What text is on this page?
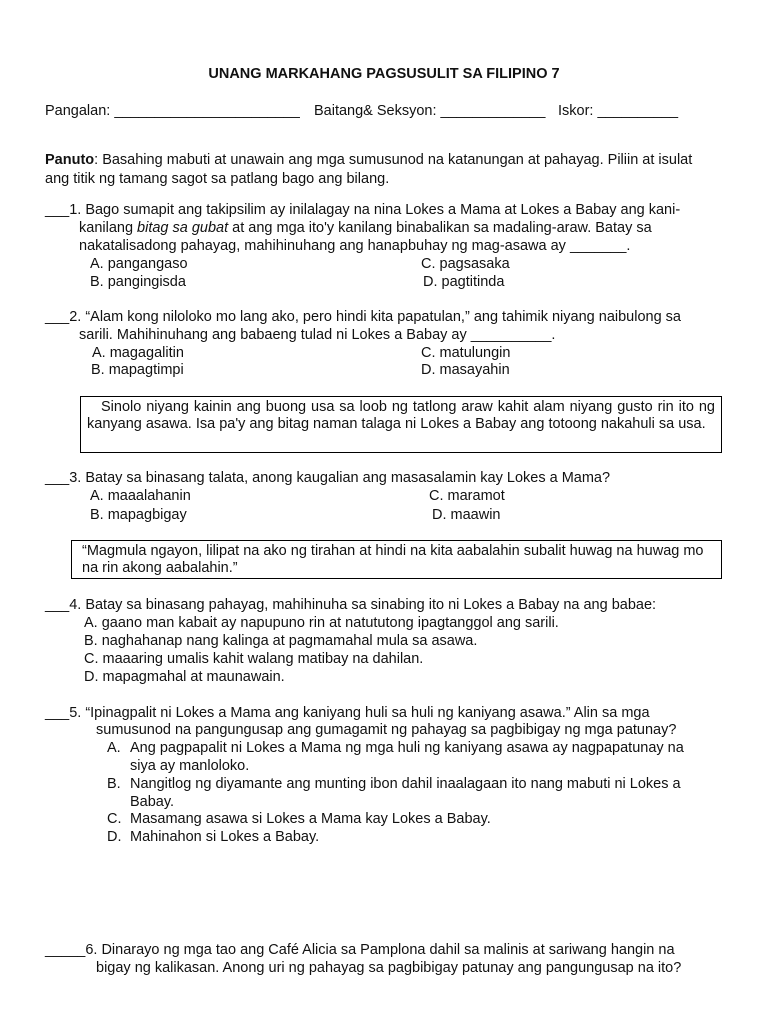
UNANG MARKAHANG PAGSUSULIT SA FILIPINO 7
Pangalan: _______________________ Baitang& Seksyon: _____________ Iskor: __________
Panuto: Basahing mabuti at unawain ang mga sumusunod na katanungan at pahayag. Piliin at isulat
ang titik ng tamang sagot sa patlang bago ang bilang.
___1. Bago sumapit ang takipsilim ay inilalagay na nina Lokes a Mama at Lokes a Babay ang kani-
kanilang bitag sa gubat at ang mga ito'y kanilang binabalikan sa madaling-araw. Batay sa
nakatalisadong pahayag, mahihinuhang ang hanapbuhay ng mag-asawa ay _______.
A. pangangaso
B. pangingisda
C. pagsasaka
D. pagtitinda
___2. “Alam kong niloloko mo lang ako, pero hindi kita papatulan,” ang tahimik niyang naibulong sa
sarili. Mahihinuhang ang babaeng tulad ni Lokes a Babay ay __________.
A. magagalitin
B. mapagtimpi
C. matulungin
D. masayahin
Sinolo niyang kainin ang buong usa sa loob ng tatlong araw kahit alam niyang gusto rin ito ng kanyang asawa. Isa pa'y ang bitag naman talaga ni Lokes a Babay ang totoong nakahuli sa usa.
___3. Batay sa binasang talata, anong kaugalian ang masasalamin kay Lokes a Mama?
A. maaalahanin
B. mapagbigay
C. maramot
D. maawin
“Magmula ngayon, lilipat na ako ng tirahan at hindi na kita aabalahin subalit huwag na huwag mo na rin akong aabalahin.”
___4. Batay sa binasang pahayag, mahihinuha sa sinabing ito ni Lokes a Babay na ang babae:
A. gaano man kabait ay napupuno rin at natututong ipagtanggol ang sarili.
B. naghahanap nang kalinga at pagmamahal mula sa asawa.
C. maaaring umalis kahit walang matibay na dahilan.
D. mapagmahal at maunawain.
___5. “Ipinagpalit ni Lokes a Mama ang kaniyang huli sa huli ng kaniyang asawa.” Alin sa mga
sumusunod na pangungusap ang gumagamit ng pahayag sa pagbibigay ng mga patunay?
A. Ang pagpapalit ni Lokes a Mama ng mga huli ng kaniyang asawa ay nagpapatunay na
siya ay manloloko.
B. Nangitlog ng diyamante ang munting ibon dahil inaalagaan ito nang mabuti ni Lokes a
Babay.
C. Masamang asawa si Lokes a Mama kay Lokes a Babay.
D. Mahinahon si Lokes a Babay.
_____6. Dinarayo ng mga tao ang Café Alicia sa Pamplona dahil sa malinis at sariwang hangin na
bigay ng kalikasan. Anong uri ng pahayag sa pagbibigay patunay ang pangungusap na ito?
